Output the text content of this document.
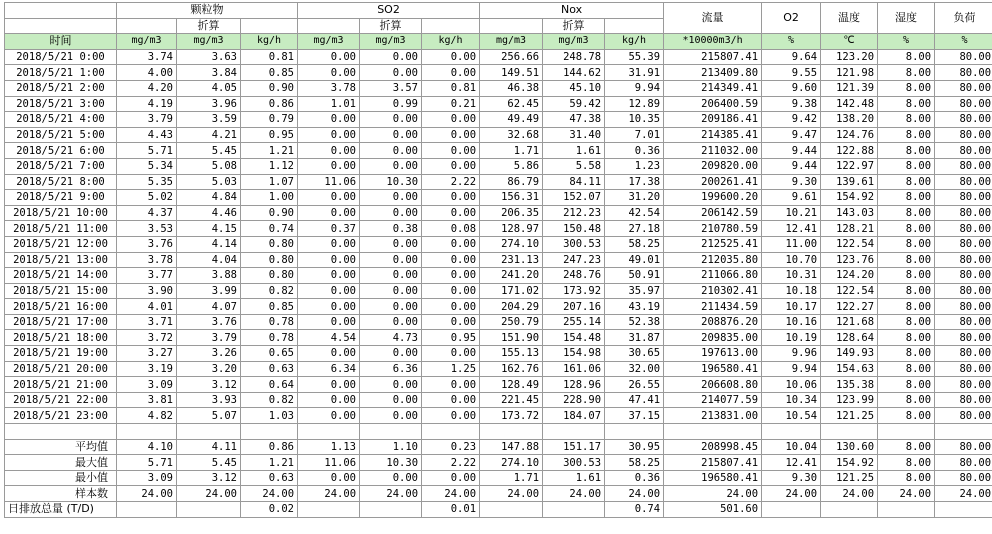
	颗粒物			SO2			Nox			流量	O2	温度	湿度	负荷
		折算			折算			折算						
时间	mg/m3	mg/m3	kg/h	mg/m3	mg/m3	kg/h	mg/m3	mg/m3	kg/h	*10000m3/h	%	℃	%	%
2018/5/21 0:00	3.74	3.63	0.81	0.00	0.00	0.00	256.66	248.78	55.39	215807.41	9.64	123.20	8.00	80.00
2018/5/21 1:00	4.00	3.84	0.85	0.00	0.00	0.00	149.51	144.62	31.91	213409.80	9.55	121.98	8.00	80.00
2018/5/21 2:00	4.20	4.05	0.90	3.78	3.57	0.81	46.38	45.10	9.94	214349.41	9.60	121.39	8.00	80.00
2018/5/21 3:00	4.19	3.96	0.86	1.01	0.99	0.21	62.45	59.42	12.89	206400.59	9.38	142.48	8.00	80.00
2018/5/21 4:00	3.79	3.59	0.79	0.00	0.00	0.00	49.49	47.38	10.35	209186.41	9.42	138.20	8.00	80.00
2018/5/21 5:00	4.43	4.21	0.95	0.00	0.00	0.00	32.68	31.40	7.01	214385.41	9.47	124.76	8.00	80.00
2018/5/21 6:00	5.71	5.45	1.21	0.00	0.00	0.00	1.71	1.61	0.36	211032.00	9.44	122.88	8.00	80.00
2018/5/21 7:00	5.34	5.08	1.12	0.00	0.00	0.00	5.86	5.58	1.23	209820.00	9.44	122.97	8.00	80.00
2018/5/21 8:00	5.35	5.03	1.07	11.06	10.30	2.22	86.79	84.11	17.38	200261.41	9.30	139.61	8.00	80.00
2018/5/21 9:00	5.02	4.84	1.00	0.00	0.00	0.00	156.31	152.07	31.20	199600.20	9.61	154.92	8.00	80.00
2018/5/21 10:00	4.37	4.46	0.90	0.00	0.00	0.00	206.35	212.23	42.54	206142.59	10.21	143.03	8.00	80.00
2018/5/21 11:00	3.53	4.15	0.74	0.37	0.38	0.08	128.97	150.48	27.18	210780.59	12.41	128.21	8.00	80.00
2018/5/21 12:00	3.76	4.14	0.80	0.00	0.00	0.00	274.10	300.53	58.25	212525.41	11.00	122.54	8.00	80.00
2018/5/21 13:00	3.78	4.04	0.80	0.00	0.00	0.00	231.13	247.23	49.01	212035.80	10.70	123.76	8.00	80.00
2018/5/21 14:00	3.77	3.88	0.80	0.00	0.00	0.00	241.20	248.76	50.91	211066.80	10.31	124.20	8.00	80.00
2018/5/21 15:00	3.90	3.99	0.82	0.00	0.00	0.00	171.02	173.92	35.97	210302.41	10.18	122.54	8.00	80.00
2018/5/21 16:00	4.01	4.07	0.85	0.00	0.00	0.00	204.29	207.16	43.19	211434.59	10.17	122.27	8.00	80.00
2018/5/21 17:00	3.71	3.76	0.78	0.00	0.00	0.00	250.79	255.14	52.38	208876.20	10.16	121.68	8.00	80.00
2018/5/21 18:00	3.72	3.79	0.78	4.54	4.73	0.95	151.90	154.48	31.87	209835.00	10.19	128.64	8.00	80.00
2018/5/21 19:00	3.27	3.26	0.65	0.00	0.00	0.00	155.13	154.98	30.65	197613.00	9.96	149.93	8.00	80.00
2018/5/21 20:00	3.19	3.20	0.63	6.34	6.36	1.25	162.76	161.06	32.00	196580.41	9.94	154.63	8.00	80.00
2018/5/21 21:00	3.09	3.12	0.64	0.00	0.00	0.00	128.49	128.96	26.55	206608.80	10.06	135.38	8.00	80.00
2018/5/21 22:00	3.81	3.93	0.82	0.00	0.00	0.00	221.45	228.90	47.41	214077.59	10.34	123.99	8.00	80.00
2018/5/21 23:00	4.82	5.07	1.03	0.00	0.00	0.00	173.72	184.07	37.15	213831.00	10.54	121.25	8.00	80.00

平均值	4.10	4.11	0.86	1.13	1.10	0.23	147.88	151.17	30.95	208998.45	10.04	130.60	8.00	80.00
最大值	5.71	5.45	1.21	11.06	10.30	2.22	274.10	300.53	58.25	215807.41	12.41	154.92	8.00	80.00
最小值	3.09	3.12	0.63	0.00	0.00	0.00	1.71	1.61	0.36	196580.41	9.30	121.25	8.00	80.00
样本数	24.00	24.00	24.00	24.00	24.00	24.00	24.00	24.00	24.00	24.00	24.00	24.00	24.00	24.00
日排放总量 (T/D)			0.02			0.01			0.74	501.60				
